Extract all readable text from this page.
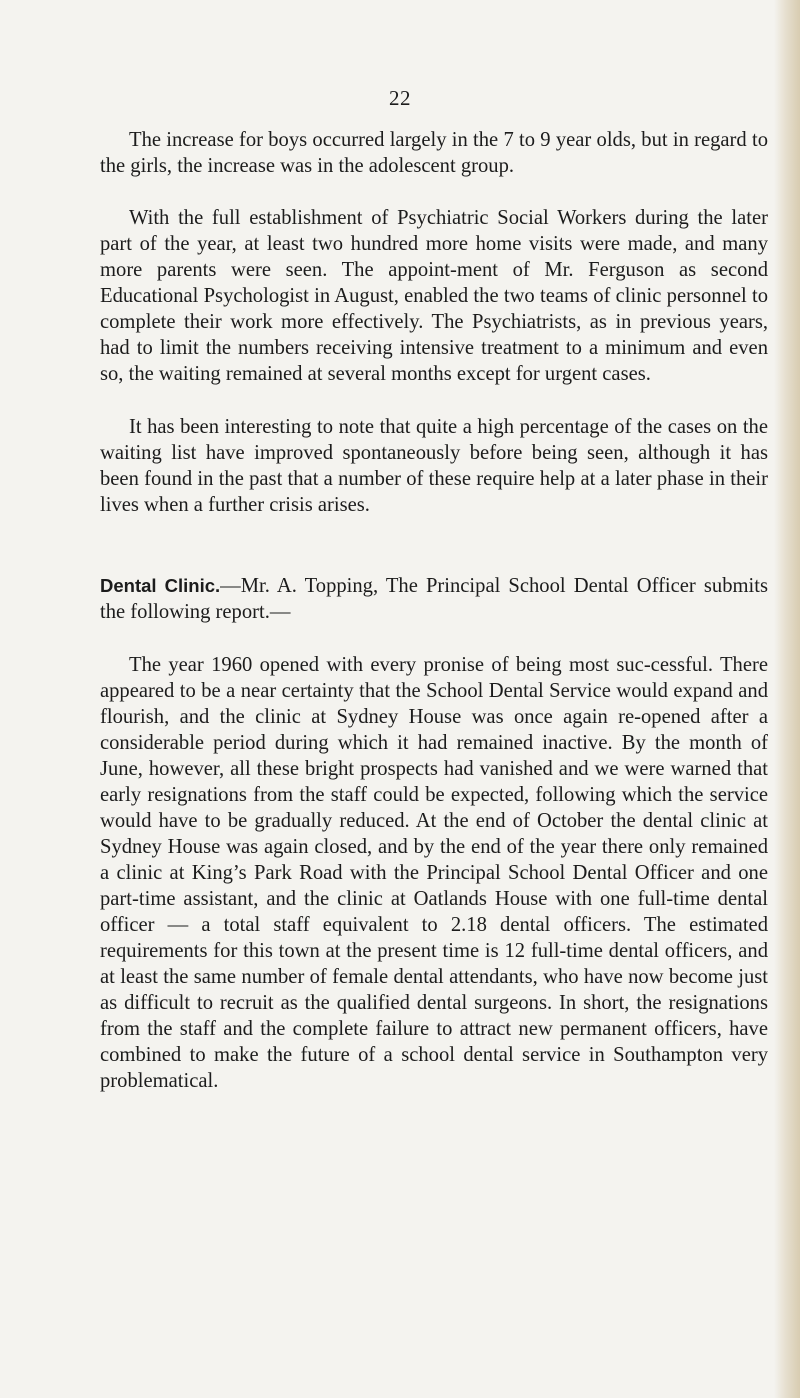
22

The increase for boys occurred largely in the 7 to 9 year olds, but in regard to the girls, the increase was in the adolescent group.

With the full establishment of Psychiatric Social Workers during the later part of the year, at least two hundred more home visits were made, and many more parents were seen. The appoint-ment of Mr. Ferguson as second Educational Psychologist in August, enabled the two teams of clinic personnel to complete their work more effectively. The Psychiatrists, as in previous years, had to limit the numbers receiving intensive treatment to a minimum and even so, the waiting remained at several months except for urgent cases.

It has been interesting to note that quite a high percentage of the cases on the waiting list have improved spontaneously before being seen, although it has been found in the past that a number of these require help at a later phase in their lives when a further crisis arises.

Dental Clinic.—Mr. A. Topping, The Principal School Dental Officer submits the following report.—

The year 1960 opened with every pronise of being most suc-cessful. There appeared to be a near certainty that the School Dental Service would expand and flourish, and the clinic at Sydney House was once again re-opened after a considerable period during which it had remained inactive. By the month of June, however, all these bright prospects had vanished and we were warned that early resignations from the staff could be expected, following which the service would have to be gradually reduced. At the end of October the dental clinic at Sydney House was again closed, and by the end of the year there only remained a clinic at King’s Park Road with the Principal School Dental Officer and one part-time assistant, and the clinic at Oatlands House with one full-time dental officer — a total staff equivalent to 2.18 dental officers. The estimated requirements for this town at the present time is 12 full-time dental officers, and at least the same number of female dental attendants, who have now become just as difficult to recruit as the qualified dental surgeons. In short, the resignations from the staff and the complete failure to attract new permanent officers, have combined to make the future of a school dental service in Southampton very problematical.
